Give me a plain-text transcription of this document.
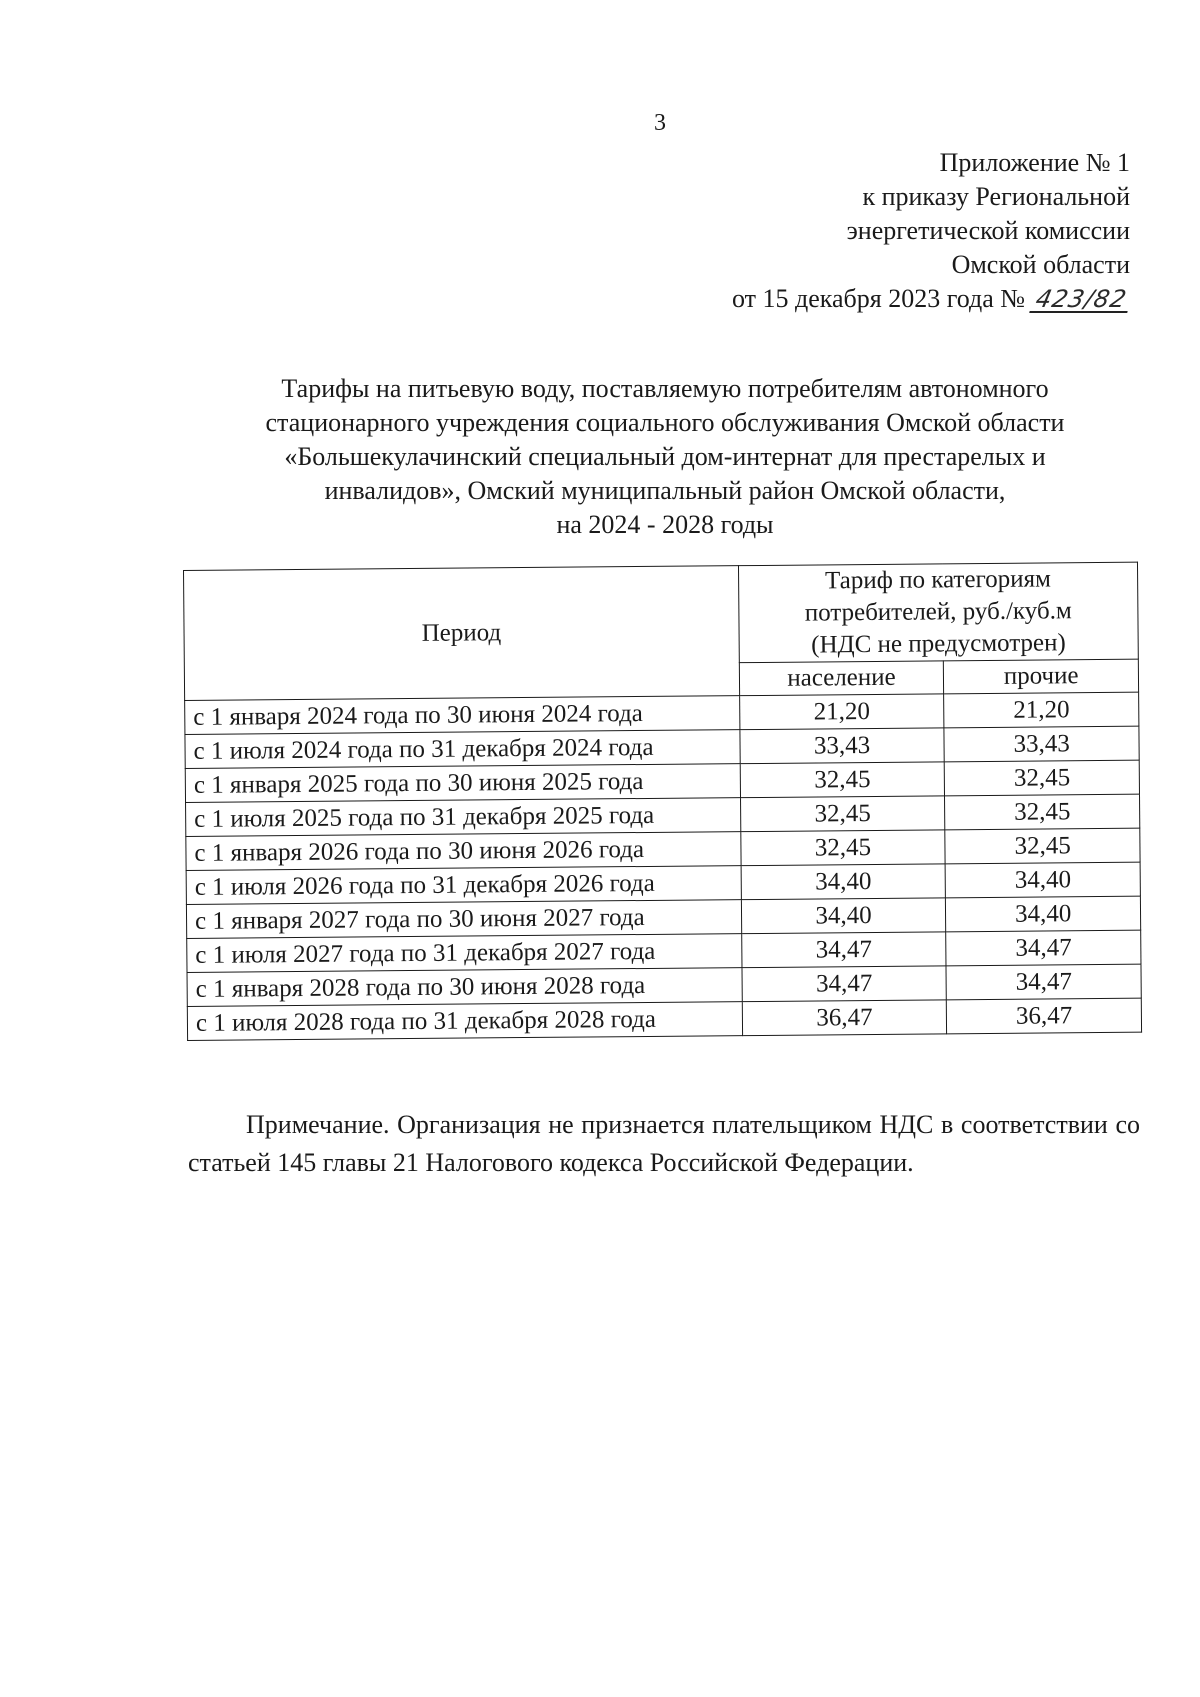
3
Приложение № 1
к приказу Региональной
энергетической комиссии
Омской области
от 15 декабря 2023 года № 423/82
Тарифы на питьевую воду, поставляемую потребителям автономного
стационарного учреждения социального обслуживания Омской области
«Большекулачинский специальный дом-интернат для престарелых и
инвалидов», Омский муниципальный район Омской области,
на 2024 - 2028 годы
Период	Тариф по категориям
потребителей, руб./куб.м
(НДС не предусмотрен)	

	население	прочие
с 1 января 2024 года по 30 июня 2024 года	21,20	21,20
с 1 июля 2024 года по 31 декабря 2024 года	33,43	33,43
с 1 января 2025 года по 30 июня 2025 года	32,45	32,45
с 1 июля 2025 года по 31 декабря 2025 года	32,45	32,45
с 1 января 2026 года по 30 июня 2026 года	32,45	32,45
с 1 июля 2026 года по 31 декабря 2026 года	34,40	34,40
с 1 января 2027 года по 30 июня 2027 года	34,40	34,40
с 1 июля 2027 года по 31 декабря 2027 года	34,47	34,47
с 1 января 2028 года по 30 июня 2028 года	34,47	34,47
с 1 июля 2028 года по 31 декабря 2028 года	36,47	36,47

Примечание. Организация не признается плательщиком НДС в соответствии со статьей 145 главы 21 Налогового кодекса Российской Федерации.
